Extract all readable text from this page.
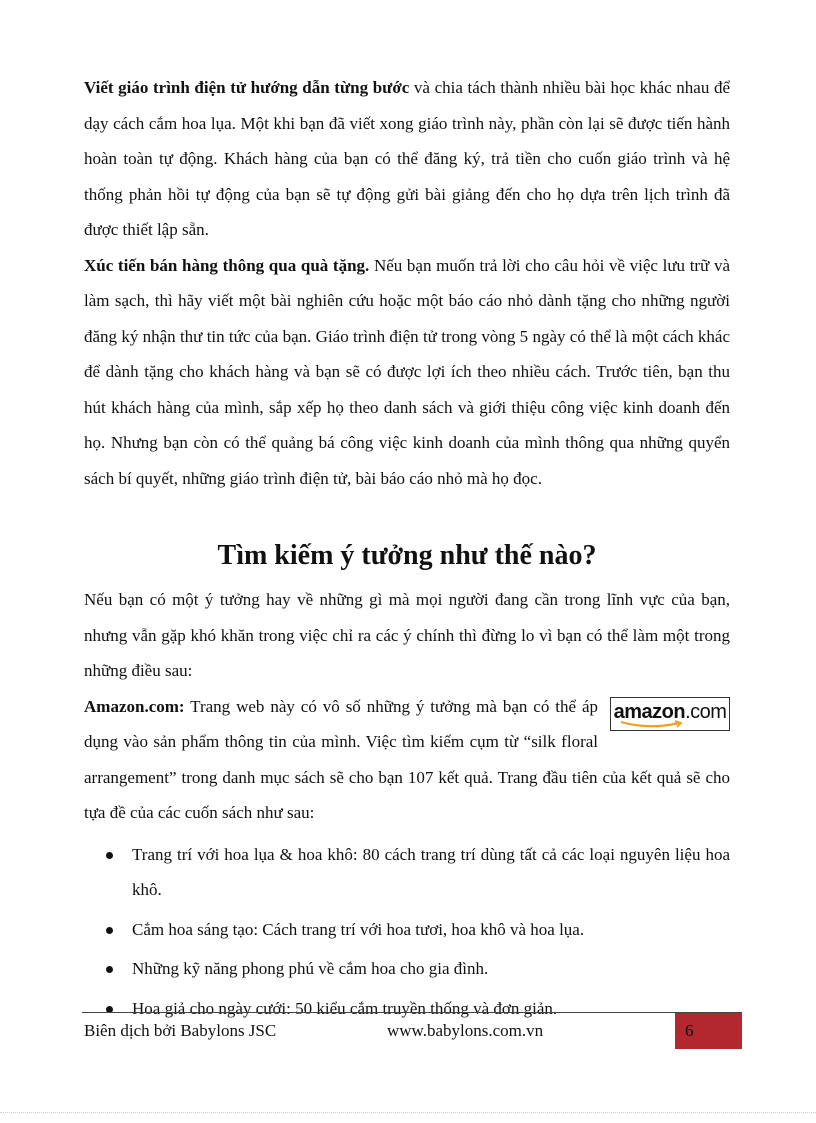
Viết giáo trình điện tử hướng dẫn từng bước và chia tách thành nhiều bài học khác nhau để dạy cách cắm hoa lụa. Một khi bạn đã viết xong giáo trình này, phần còn lại sẽ được tiến hành hoàn toàn tự động. Khách hàng của bạn có thể đăng ký, trả tiền cho cuốn giáo trình và hệ thống phản hồi tự động của bạn sẽ tự động gửi bài giảng đến cho họ dựa trên lịch trình đã được thiết lập sẵn.

Xúc tiến bán hàng thông qua quà tặng. Nếu bạn muốn trả lời cho câu hỏi về việc lưu trữ và làm sạch, thì hãy viết một bài nghiên cứu hoặc một báo cáo nhỏ dành tặng cho những người đăng ký nhận thư tin tức của bạn. Giáo trình điện tử trong vòng 5 ngày có thể là một cách khác để dành tặng cho khách hàng và bạn sẽ có được lợi ích theo nhiều cách. Trước tiên, bạn thu hút khách hàng của mình, sắp xếp họ theo danh sách và giới thiệu công việc kinh doanh đến họ. Nhưng bạn còn có thể quảng bá công việc kinh doanh của mình thông qua những quyển sách bí quyết, những giáo trình điện tử, bài báo cáo nhỏ mà họ đọc.

Tìm kiếm ý tưởng như thế nào?

Nếu bạn có một ý tưởng hay về những gì mà mọi người đang cần trong lĩnh vực của bạn, nhưng vẫn gặp khó khăn trong việc chỉ ra các ý chính thì đừng lo vì bạn có thể làm một trong những điều sau:

amazon.com
Amazon.com: Trang web này có vô số những ý tưởng mà bạn có thể áp dụng vào sản phẩm thông tin của mình. Việc tìm kiếm cụm từ “silk floral arrangement” trong danh mục sách sẽ cho bạn 107 kết quả. Trang đầu tiên của kết quả sẽ cho tựa đề của các cuốn sách như sau:

Trang trí với hoa lụa & hoa khô: 80 cách trang trí dùng tất cả các loại nguyên liệu hoa khô.
Cắm hoa sáng tạo: Cách trang trí với hoa tươi, hoa khô và hoa lụa.
Những kỹ năng phong phú về cắm hoa cho gia đình.
Hoa giả cho ngày cưới: 50 kiểu cắm truyền thống và đơn giản.
Biên dịch bởi Babylons JSC	www.babylons.com.vn	6
